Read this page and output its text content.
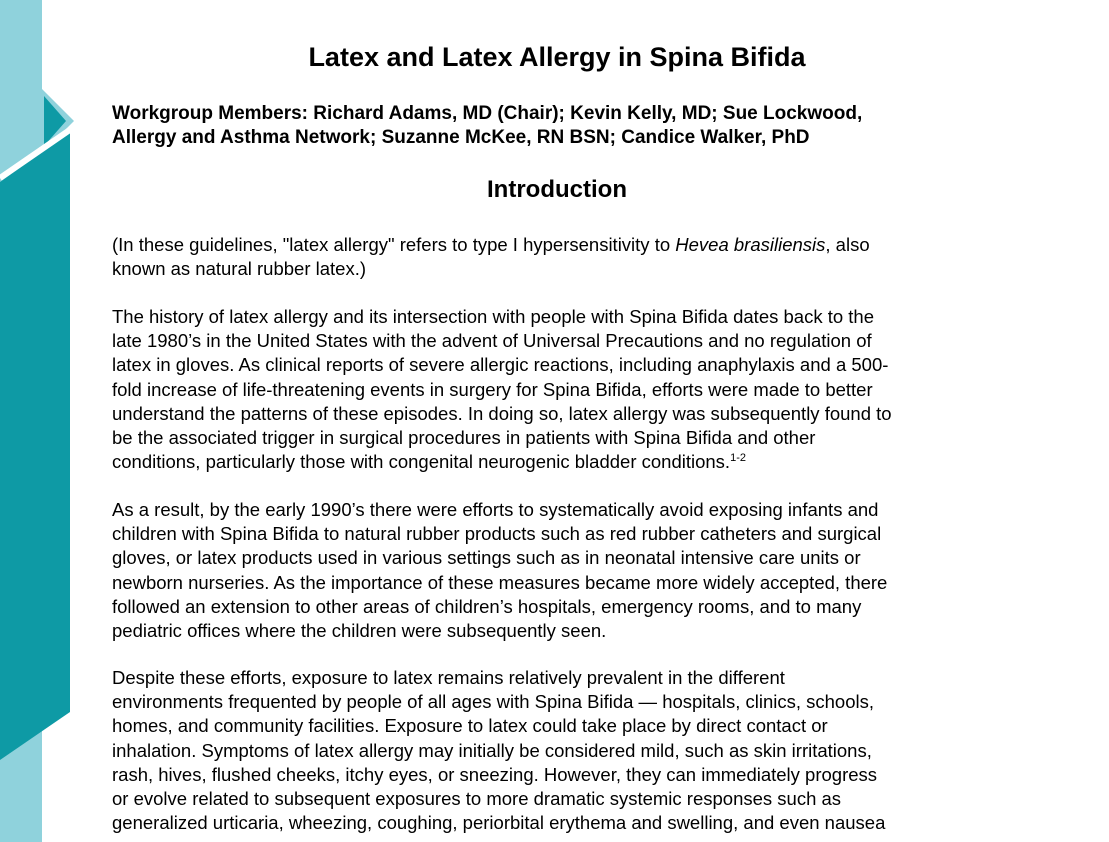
Latex and Latex Allergy in Spina Bifida

Workgroup Members: Richard Adams, MD (Chair); Kevin Kelly, MD; Sue Lockwood,
Allergy and Asthma Network; Suzanne McKee, RN BSN; Candice Walker, PhD

Introduction

(In these guidelines, "latex allergy" refers to type I hypersensitivity to Hevea brasiliensis, also
known as natural rubber latex.)

The history of latex allergy and its intersection with people with Spina Bifida dates back to the
late 1980’s in the United States with the advent of Universal Precautions and no regulation of
latex in gloves. As clinical reports of severe allergic reactions, including anaphylaxis and a 500-
fold increase of life-threatening events in surgery for Spina Bifida, efforts were made to better
understand the patterns of these episodes. In doing so, latex allergy was subsequently found to
be the associated trigger in surgical procedures in patients with Spina Bifida and other
conditions, particularly those with congenital neurogenic bladder conditions.$^{1-2}$

As a result, by the early 1990’s there were efforts to systematically avoid exposing infants and
children with Spina Bifida to natural rubber products such as red rubber catheters and surgical
gloves, or latex products used in various settings such as in neonatal intensive care units or
newborn nurseries. As the importance of these measures became more widely accepted, there
followed an extension to other areas of children’s hospitals, emergency rooms, and to many
pediatric offices where the children were subsequently seen.

Despite these efforts, exposure to latex remains relatively prevalent in the different
environments frequented by people of all ages with Spina Bifida — hospitals, clinics, schools,
homes, and community facilities. Exposure to latex could take place by direct contact or
inhalation. Symptoms of latex allergy may initially be considered mild, such as skin irritations,
rash, hives, flushed cheeks, itchy eyes, or sneezing. However, they can immediately progress
or evolve related to subsequent exposures to more dramatic systemic responses such as
generalized urticaria, wheezing, coughing, periorbital erythema and swelling, and even nausea
